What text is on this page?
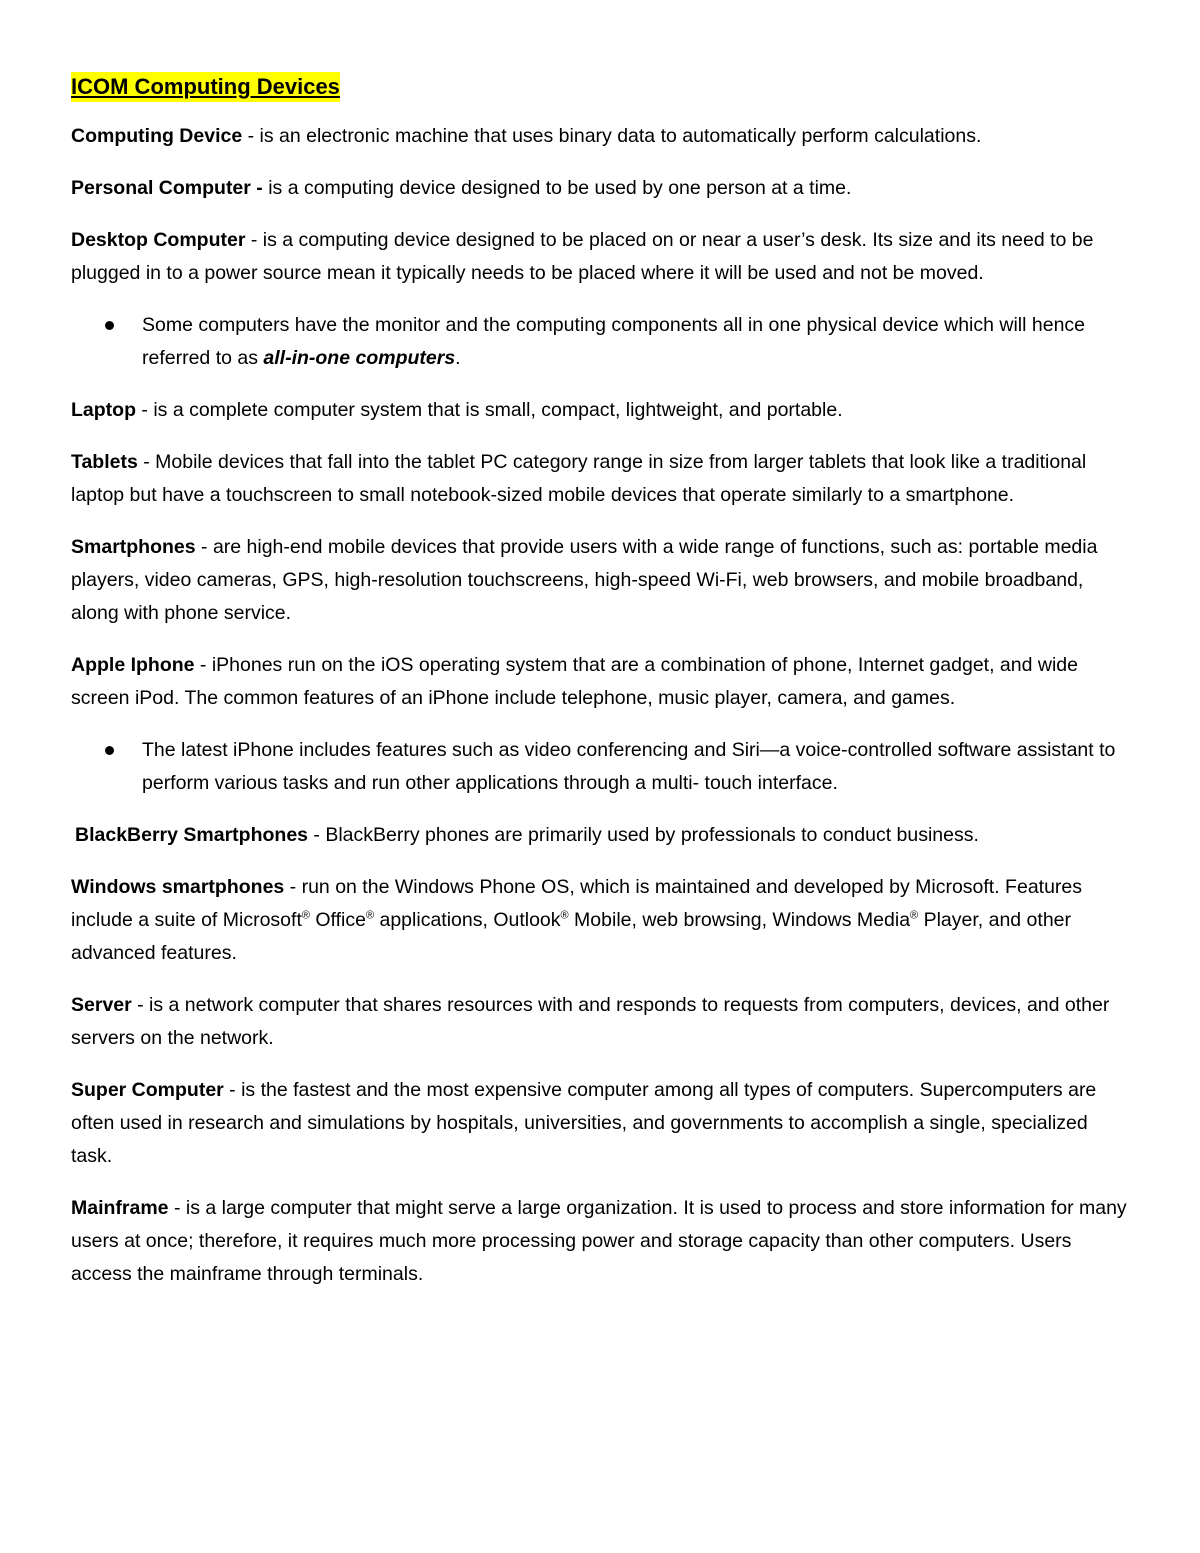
ICOM Computing Devices

Computing Device - is an electronic machine that uses binary data to automatically perform calculations.

Personal Computer - is a computing device designed to be used by one person at a time.

Desktop Computer - is a computing device designed to be placed on or near a user’s desk. Its size and its need to be plugged in to a power source mean it typically needs to be placed where it will be used and not be moved.

Some computers have the monitor and the computing components all in one physical device which will hence referred to as all-in-one computers.

Laptop - is a complete computer system that is small, compact, lightweight, and portable.

Tablets - Mobile devices that fall into the tablet PC category range in size from larger tablets that look like a traditional laptop but have a touchscreen to small notebook-sized mobile devices that operate similarly to a smartphone.

Smartphones - are high-end mobile devices that provide users with a wide range of functions, such as: portable media players, video cameras, GPS, high-resolution touchscreens, high-speed Wi-Fi, web browsers, and mobile broadband, along with phone service.

Apple Iphone - iPhones run on the iOS operating system that are a combination of phone, Internet gadget, and wide screen iPod. The common features of an iPhone include telephone, music player, camera, and games.

The latest iPhone includes features such as video conferencing and Siri—a voice-controlled software assistant to perform various tasks and run other applications through a multi- touch interface.

BlackBerry Smartphones - BlackBerry phones are primarily used by professionals to conduct business.

Windows smartphones - run on the Windows Phone OS, which is maintained and developed by Microsoft. Features include a suite of Microsoft® Office® applications, Outlook® Mobile, web browsing, Windows Media® Player, and other advanced features.

Server - is a network computer that shares resources with and responds to requests from computers, devices, and other servers on the network.

Super Computer - is the fastest and the most expensive computer among all types of computers. Supercomputers are often used in research and simulations by hospitals, universities, and governments to accomplish a single, specialized task.

Mainframe - is a large computer that might serve a large organization. It is used to process and store information for many users at once; therefore, it requires much more processing power and storage capacity than other computers. Users access the mainframe through terminals.
